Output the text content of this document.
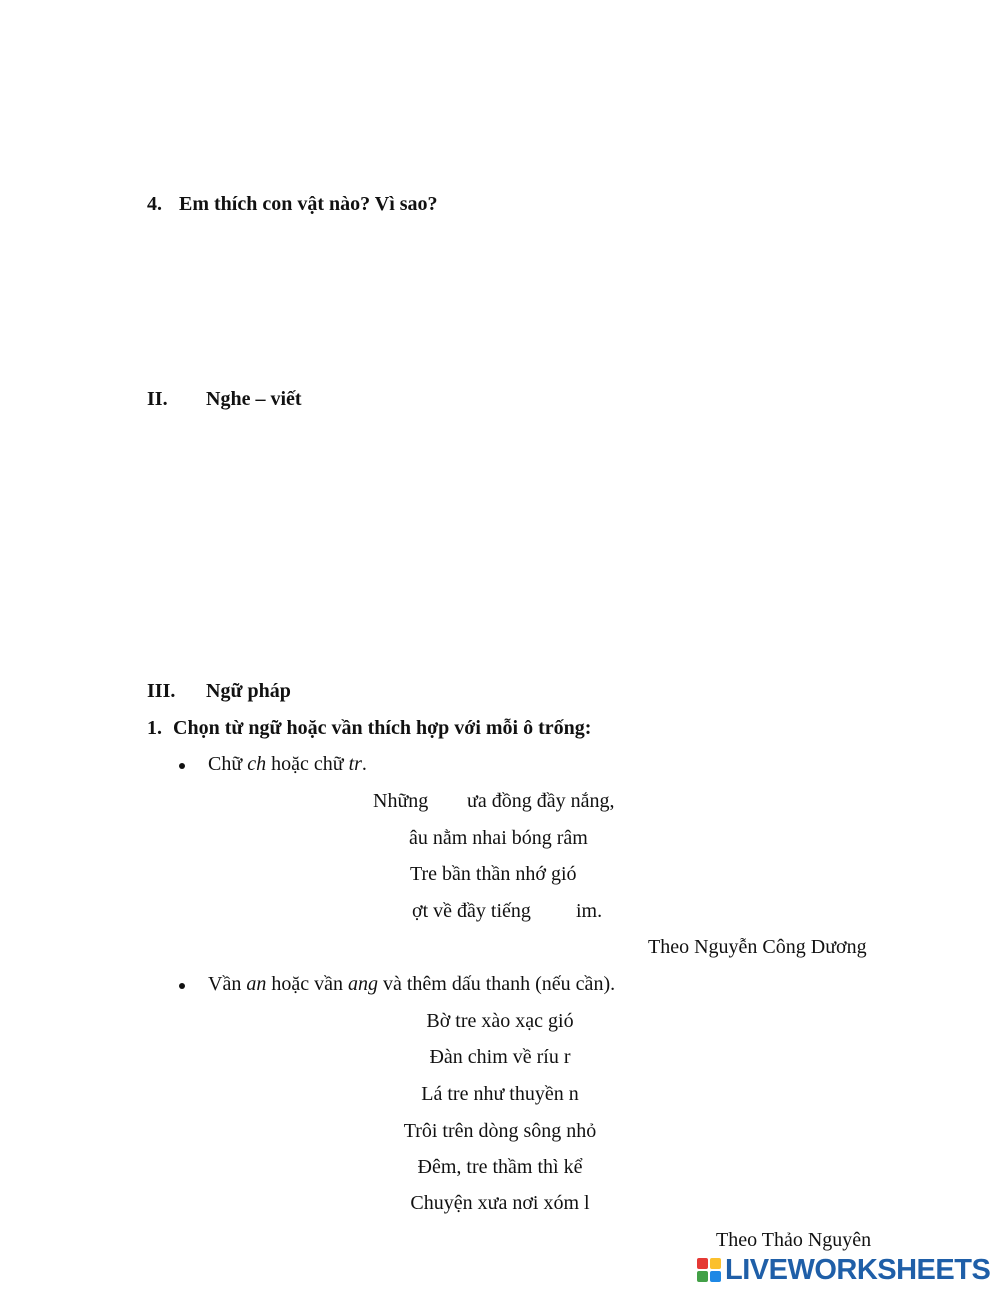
4. Em thích con vật nào? Vì sao?
II. Nghe – viết
III. Ngữ pháp
1. Chọn từ ngữ hoặc vần thích hợp với mỗi ô trống:
Chữ ch hoặc chữ tr.
Những ưa đồng đầy nắng,
âu nằm nhai bóng râm
Tre bần thần nhớ gió
ợt về đầy tiếng im.
Theo Nguyễn Công Dương
Vần an hoặc vần ang và thêm dấu thanh (nếu cần).
Bờ tre xào xạc gió
Đàn chim về ríu r
Lá tre như thuyền n
Trôi trên dòng sông nhỏ
Đêm, tre thầm thì kể
Chuyện xưa nơi xóm l
Theo Thảo Nguyên
LIVEWORKSHEETS
